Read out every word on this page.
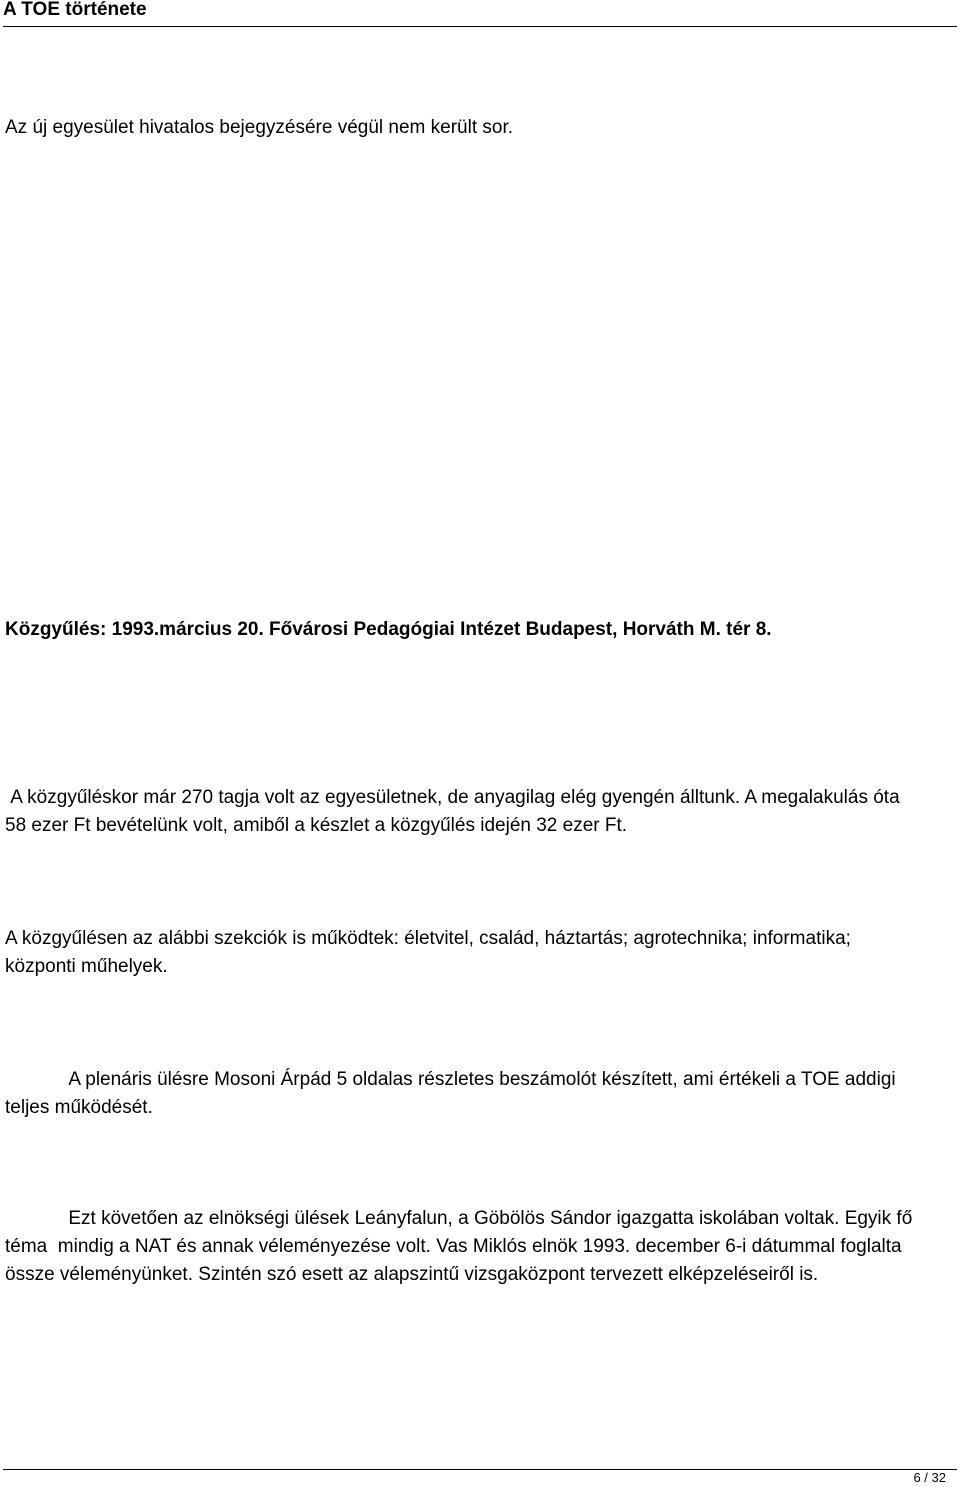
A TOE története

Az új egyesület hivatalos bejegyzésére végül nem került sor.

Közgyűlés: 1993.március 20. Fővárosi Pedagógiai Intézet Budapest, Horváth M. tér 8.

A közgyűléskor már 270 tagja volt az egyesületnek, de anyagilag elég gyengén álltunk. A megalakulás óta 58 ezer Ft bevételünk volt, amiből a készlet a közgyűlés idején 32 ezer Ft.

A közgyűlésen az alábbi szekciók is működtek: életvitel, család, háztartás; agrotechnika; informatika; központi műhelyek.

A plenáris ülésre Mosoni Árpád 5 oldalas részletes beszámolót készített, ami értékeli a TOE addigi teljes működését.

Ezt követően az elnökségi ülések Leányfalun, a Göbölös Sándor igazgatta iskolában voltak. Egyik fő téma  mindig a NAT és annak véleményezése volt. Vas Miklós elnök 1993. december 6-i dátummal foglalta össze véleményünket. Szintén szó esett az alapszintű vizsgaközpont tervezett elképzeléseiről is.

6 / 32
